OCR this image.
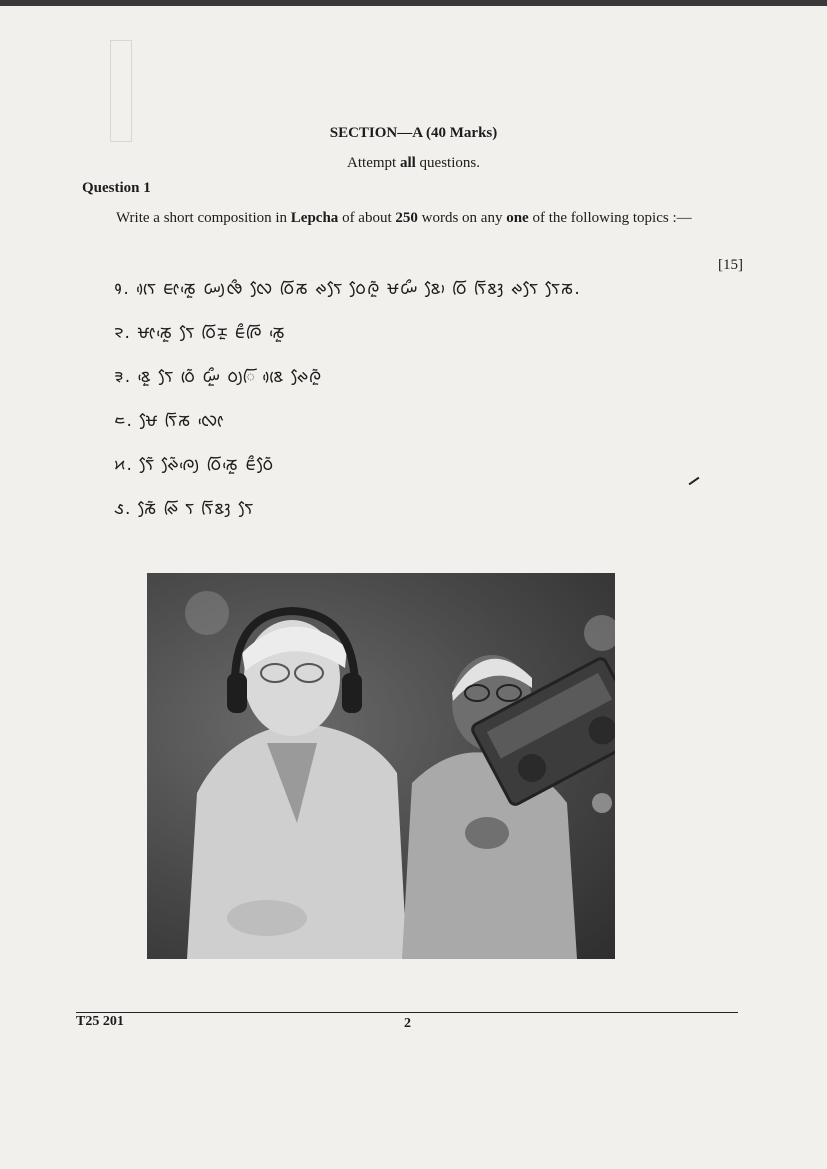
SECTION—A (40 Marks)
Attempt all questions.
Question 1
Write a short composition in Lepcha of about 250 words on any one of the following topics :—
[15]
᱁. ᰛᰨᰴ ᰀᰦᰕᰬᰵ ᰠᰪᰒᰰ ᰜᰧ ᰓᰩᰕ ᰊᰛᰧ ᰓᰧᰍᰬᰶ ᰝᰠᰰ ᰣᰥᰧ ᰓᰩ ᰛᰩᰣᰫ ᰊᰛᰧ ᰛᰧᰕ.
᱂. ᰝᰦᰕᰬᰵ ᰛᰧ ᰓᰩᰌᰬ ᰀᰰᰍᰩ ᰕᰬᰵ
᱃. ᰣᰬᰵ ᰛᰧ ᰓᰨᰶ ᰠᰬᰰ ᰓᰪᰩ ᰣᰨᰴ ᰊᰧᰍᰬᰶ
᱄. ᰝᰧ ᰛᰩᰕ ᰜᰦᰵ
᱅. ᰛᰧᰶ ᰊᰧᰶᰍᰪᰵ ᰓᰩᰕᰬᰵ ᰀᰰᰓᰧᰶ
᱆. ᰕᰧᰶ ᰊᰩ ᰛ ᰛᰩᰣᰫ ᰛᰧ
T25 201	2
